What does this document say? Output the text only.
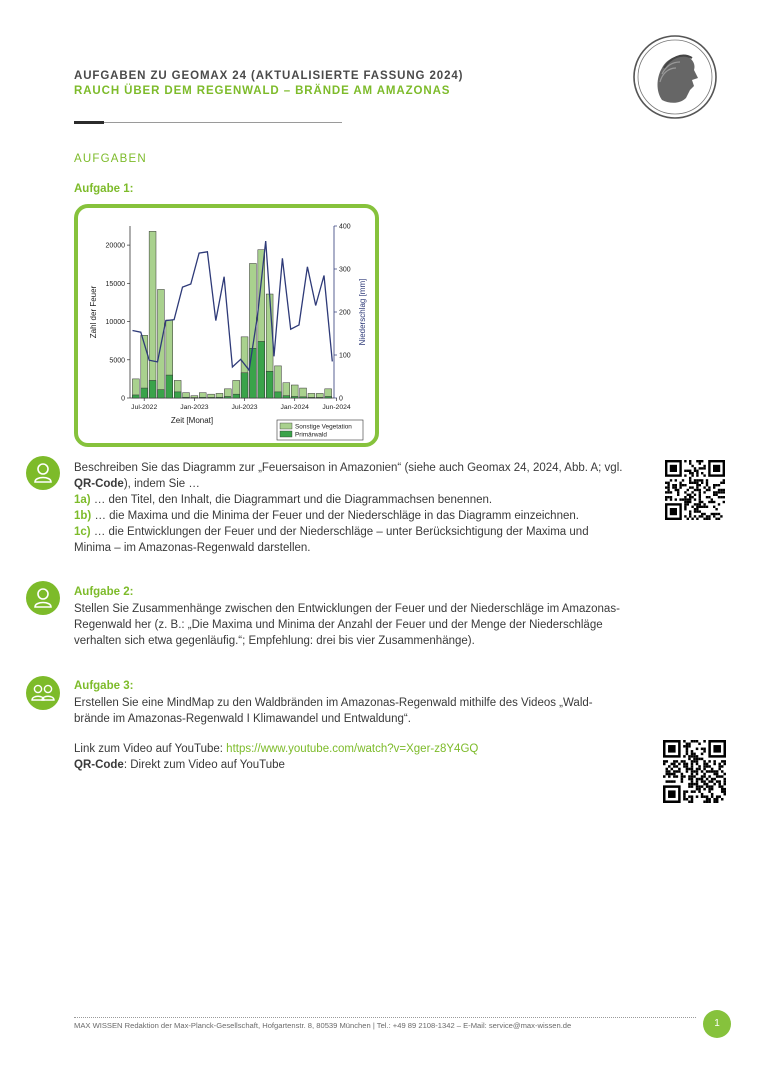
AUFGABEN ZU GEOMAX 24 (AKTUALISIERTE FASSUNG 2024)
RAUCH ÜBER DEM REGENWALD – BRÄNDE AM AMAZONAS
AUFGABEN
Aufgabe 1:
0
5000
10000
15000
20000
0
100
200
300
400
Jul-2022	Jan-2023	Jul-2023	Jan-2024 Jun-2024
Zeit [Monat]
Zahl der Feuer	Niederschlag [mm]
Sonstige Vegetation
Primärwald
Beschreiben Sie das Diagramm zur „Feuersaison in Amazonien“ (siehe auch Geomax 24, 2024, Abb. A; vgl.
QR-Code), indem Sie …
1a) … den Titel, den Inhalt, die Diagrammart und die Diagrammachsen benennen.
1b) … die Maxima und die Minima der Feuer und der Niederschläge in das Diagramm einzeichnen.
1c) … die Entwicklungen der Feuer und der Niederschläge – unter Berücksichtigung der Maxima und
Minima – im Amazonas-Regenwald darstellen.
Aufgabe 2:
Stellen Sie Zusammenhänge zwischen den Entwicklungen der Feuer und der Niederschläge im Amazonas-
Regenwald her (z. B.: „Die Maxima und Minima der Anzahl der Feuer und der Menge der Niederschläge
verhalten sich etwa gegenläufig.“; Empfehlung: drei bis vier Zusammenhänge).
Aufgabe 3:
Erstellen Sie eine MindMap zu den Waldbränden im Amazonas-Regenwald mithilfe des Videos „Wald-
brände im Amazonas-Regenwald I Klimawandel und Entwaldung“.
Link zum Video auf YouTube: https://www.youtube.com/watch?v=Xger-z8Y4GQ
QR-Code: Direkt zum Video auf YouTube
MAX WISSEN Redaktion der Max-Planck-Gesellschaft, Hofgartenstr. 8, 80539 München | Tel.: +49 89 2108-1342 – E-Mail: service@max-wissen.de	1
